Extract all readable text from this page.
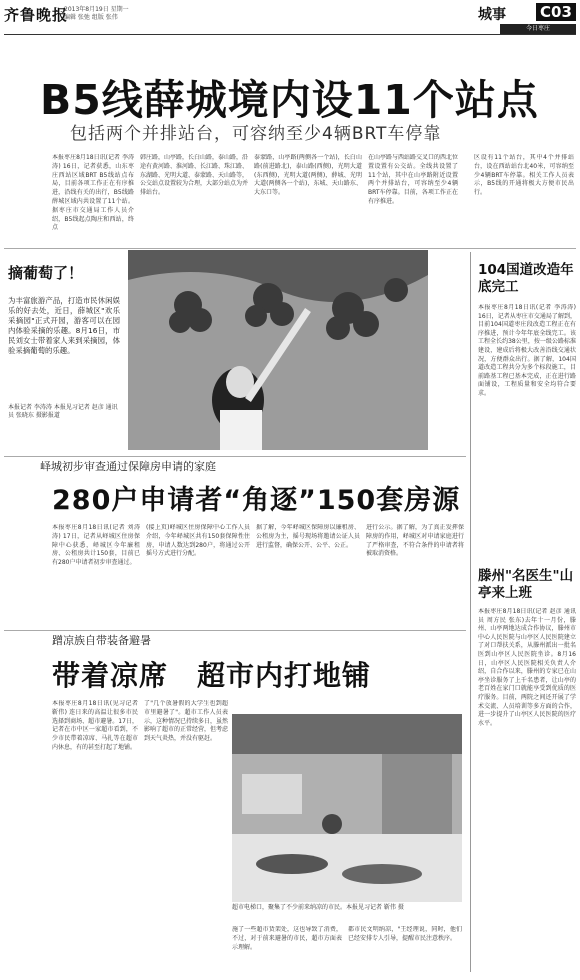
齐鲁晚报
2013年8月19日 星期一
编辑 张弛 组版 张伟	城事 C03
今日枣庄
B5线薛城境内设11个站点
包括两个并排站台，可容纳至少4辆BRT车停靠
本报枣庄8月18日讯(记者 李涛涛) 16日，记者获悉，山东枣庄西站区域BRT B5线站点布局，目前各项工作正在有序推进，沿线有关的出行，B5线路薛城区域内共设置了11个站。据枣庄市交通局工作人员介绍，B5线起点陶庄和西站，终点
韩庄路，山亭路，长白山路，泰山路，沿途有黄河路、淮河路、长江路、珠江路、东湖路、光明大道、泰蒙路、天山路等，公交站点设置较为合理，大部分站点为并排站台。
泰蒙路，山亭路(两侧各一个站)，长白山路(前进路北)，泰山路(西侧)，光明大道(东西侧)，光明大道(两侧)，薛城、光明大道(两侧各一个站)，东城、天山路东、大东口等。
在山亭路与西站路交叉口的西北位置设置有公交站。全线共设置了11个站，其中在山亭路附近设置两个并排站台，可容纳至少4辆BRT车停靠。目前，各项工作正在有序推进。
区设有11个站台，其中4个并排站台，设在西站站台北40米，可容纳至少4辆BRT车停靠。相关工作人员表示，B5线的开通将极大方便市民出行。
摘葡萄了！
为丰富旅游产品，打造市民休闲娱乐的好去处，近日，薛城区"欢乐采摘园"正式开园，游客可以在园内体验采摘的乐趣。8月16日，市民刘女士带着家人来到采摘园，体验采摘葡萄的乐趣。
本报记者 李涛涛 本报见习记者 赵彦 通讯员 张晓东 摄影报道
104国道改造年底完工
本报枣庄8月18日讯(记者 李涛涛) 16日，记者从枣庄市交通局了解到，目前104国道枣庄段改造工程正在有序推进，预计今年年底全线完工。该工程全长约38公里，按一级公路标准建设，建成后将极大改善沿线交通状况，方便群众出行。据了解，104国道改造工程共分为多个标段施工，目前路基工程已基本完成，正在进行路面铺设，工程质量和安全均符合要求。
滕州"名医生"山亭来上班
本报枣庄8月18日讯(记者 赵彦 通讯员 周方民 张东)去年十一月份，滕州、山亭两地达成合作协议，滕州市中心人民医院与山亭区人民医院建立了对口帮扶关系，从滕州派出一批名医到山亭区人民医院坐诊。8月16日，山亭区人民医院相关负责人介绍，自合作以来，滕州的专家已在山亭坐诊服务了上千名患者，让山亭的老百姓在家门口就能享受到优质的医疗服务。目前，两院之间还开展了学术交流、人员培训等多方面的合作，进一步提升了山亭区人民医院的医疗水平。
峄城初步审查通过保障房申请的家庭
280户申请者“角逐”150套房源
本报枣庄8月18日讯(记者 刘涛涛) 17日，记者从峄城区住房保障中心获悉，峄城区今年廉租房、公租房共计150套，目前已有280户申请者初步审查通过。
(接上页)峄城区住房保障中心工作人员介绍，今年峄城区共有150套保障性住房，申请人数达到280户，将通过公开摇号方式进行分配。
据了解，今年峄城区保障房以廉租房、公租房为主，摇号现场将邀请公证人员进行监督，确保公开、公平、公正。
进行公示。据了解，为了真正发挥保障房的作用，峄城区对申请家庭进行了严格审查，不符合条件的申请者将被取消资格。
蹭凉族自带装备避暑
带着凉席　超市内打地铺
本报枣庄8月18日讯(见习记者 靳伟) 连日来的高温让很多市民选择到商场、超市避暑。17日，记者在市中区一家超市看到，不少市民带着凉席、马扎等在超市内休息，有的甚至打起了地铺。
了"几个放暑假的大学生也到超市里避暑了"。超市工作人员表示，这种情况已持续多日，虽然影响了超市的正常经营，但考虑到天气炎热，并没有驱赶。
超市电梯口，聚集了不少前来纳凉的市民。本报见习记者 靳伟 摄
施了一些超市货架处，这也导致了消费，不过，对于前来避暑的市民，超市方面表示理解。
都市民文明纳凉，"王经理说，同时，他们已经安排专人引导，提醒市民注意秩序。
